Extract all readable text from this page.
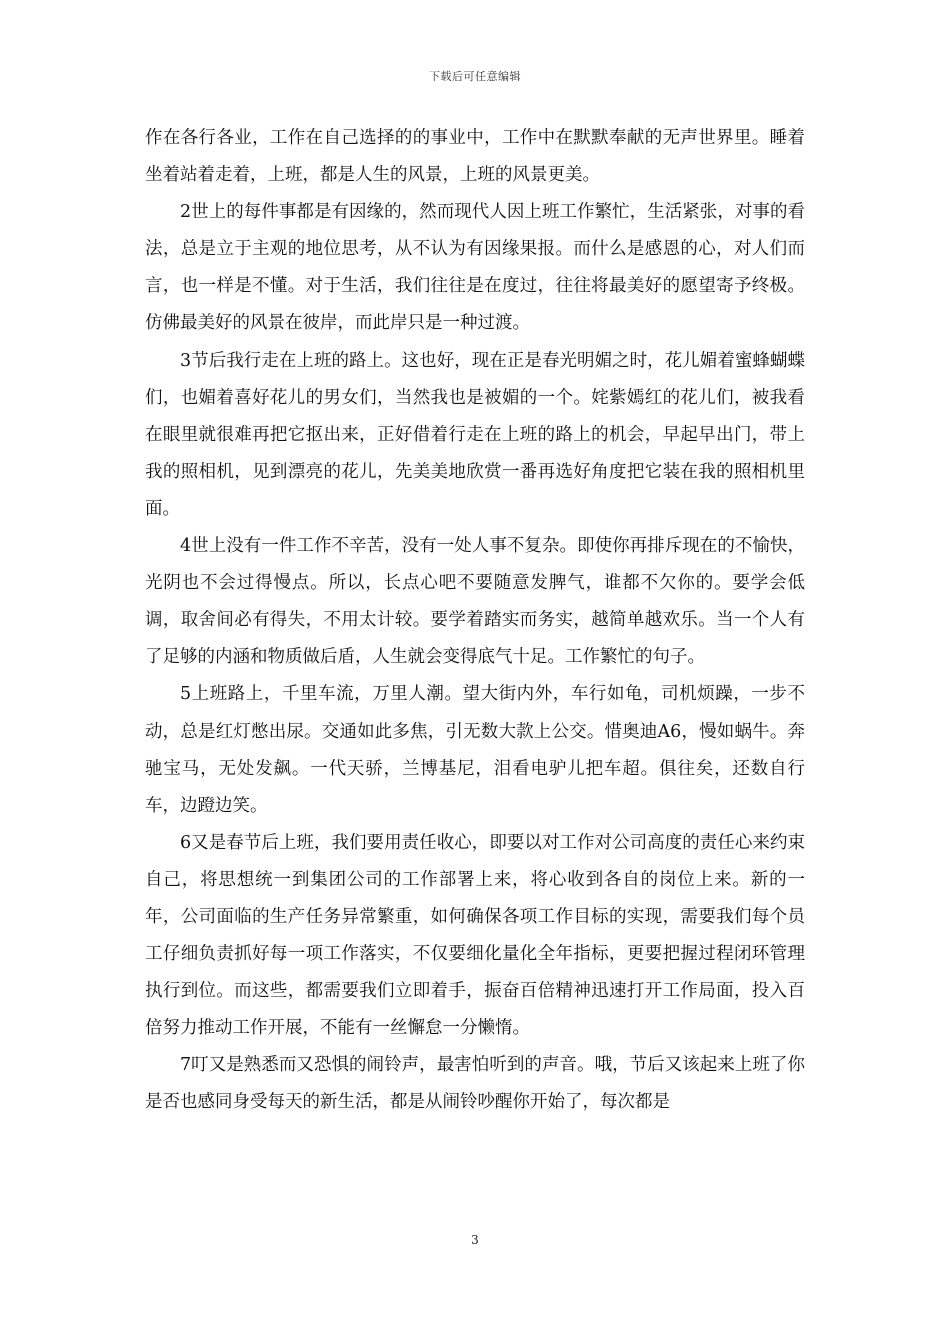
下载后可任意编辑

作在各行各业，工作在自己选择的的事业中，工作中在默默奉献的无声世界里。睡着坐着站着走着，上班，都是人生的风景，上班的风景更美。

2世上的每件事都是有因缘的，然而现代人因上班工作繁忙，生活紧张，对事的看法，总是立于主观的地位思考，从不认为有因缘果报。而什么是感恩的心，对人们而言，也一样是不懂。对于生活，我们往往是在度过，往往将最美好的愿望寄予终极。仿佛最美好的风景在彼岸，而此岸只是一种过渡。

3节后我行走在上班的路上。这也好，现在正是春光明媚之时，花儿媚着蜜蜂蝴蝶们，也媚着喜好花儿的男女们，当然我也是被媚的一个。姹紫嫣红的花儿们，被我看在眼里就很难再把它抠出来，正好借着行走在上班的路上的机会，早起早出门，带上我的照相机，见到漂亮的花儿，先美美地欣赏一番再选好角度把它装在我的照相机里面。

4世上没有一件工作不辛苦，没有一处人事不复杂。即使你再排斥现在的不愉快，光阴也不会过得慢点。所以，长点心吧不要随意发脾气，谁都不欠你的。要学会低调，取舍间必有得失，不用太计较。要学着踏实而务实，越简单越欢乐。当一个人有了足够的内涵和物质做后盾，人生就会变得底气十足。工作繁忙的句子。

5上班路上，千里车流，万里人潮。望大街内外，车行如龟，司机烦躁，一步不动，总是红灯憋出尿。交通如此多焦，引无数大款上公交。惜奥迪A6，慢如蜗牛。奔驰宝马，无处发飙。一代天骄，兰博基尼，泪看电驴儿把车超。俱往矣，还数自行车，边蹬边笑。

6又是春节后上班，我们要用责任收心，即要以对工作对公司高度的责任心来约束自己，将思想统一到集团公司的工作部署上来，将心收到各自的岗位上来。新的一年，公司面临的生产任务异常繁重，如何确保各项工作目标的实现，需要我们每个员工仔细负责抓好每一项工作落实，不仅要细化量化全年指标，更要把握过程闭环管理执行到位。而这些，都需要我们立即着手，振奋百倍精神迅速打开工作局面，投入百倍努力推动工作开展，不能有一丝懈怠一分懒惰。

7叮又是熟悉而又恐惧的闹铃声，最害怕听到的声音。哦，节后又该起来上班了你是否也感同身受每天的新生活，都是从闹铃吵醒你开始了，每次都是

3
